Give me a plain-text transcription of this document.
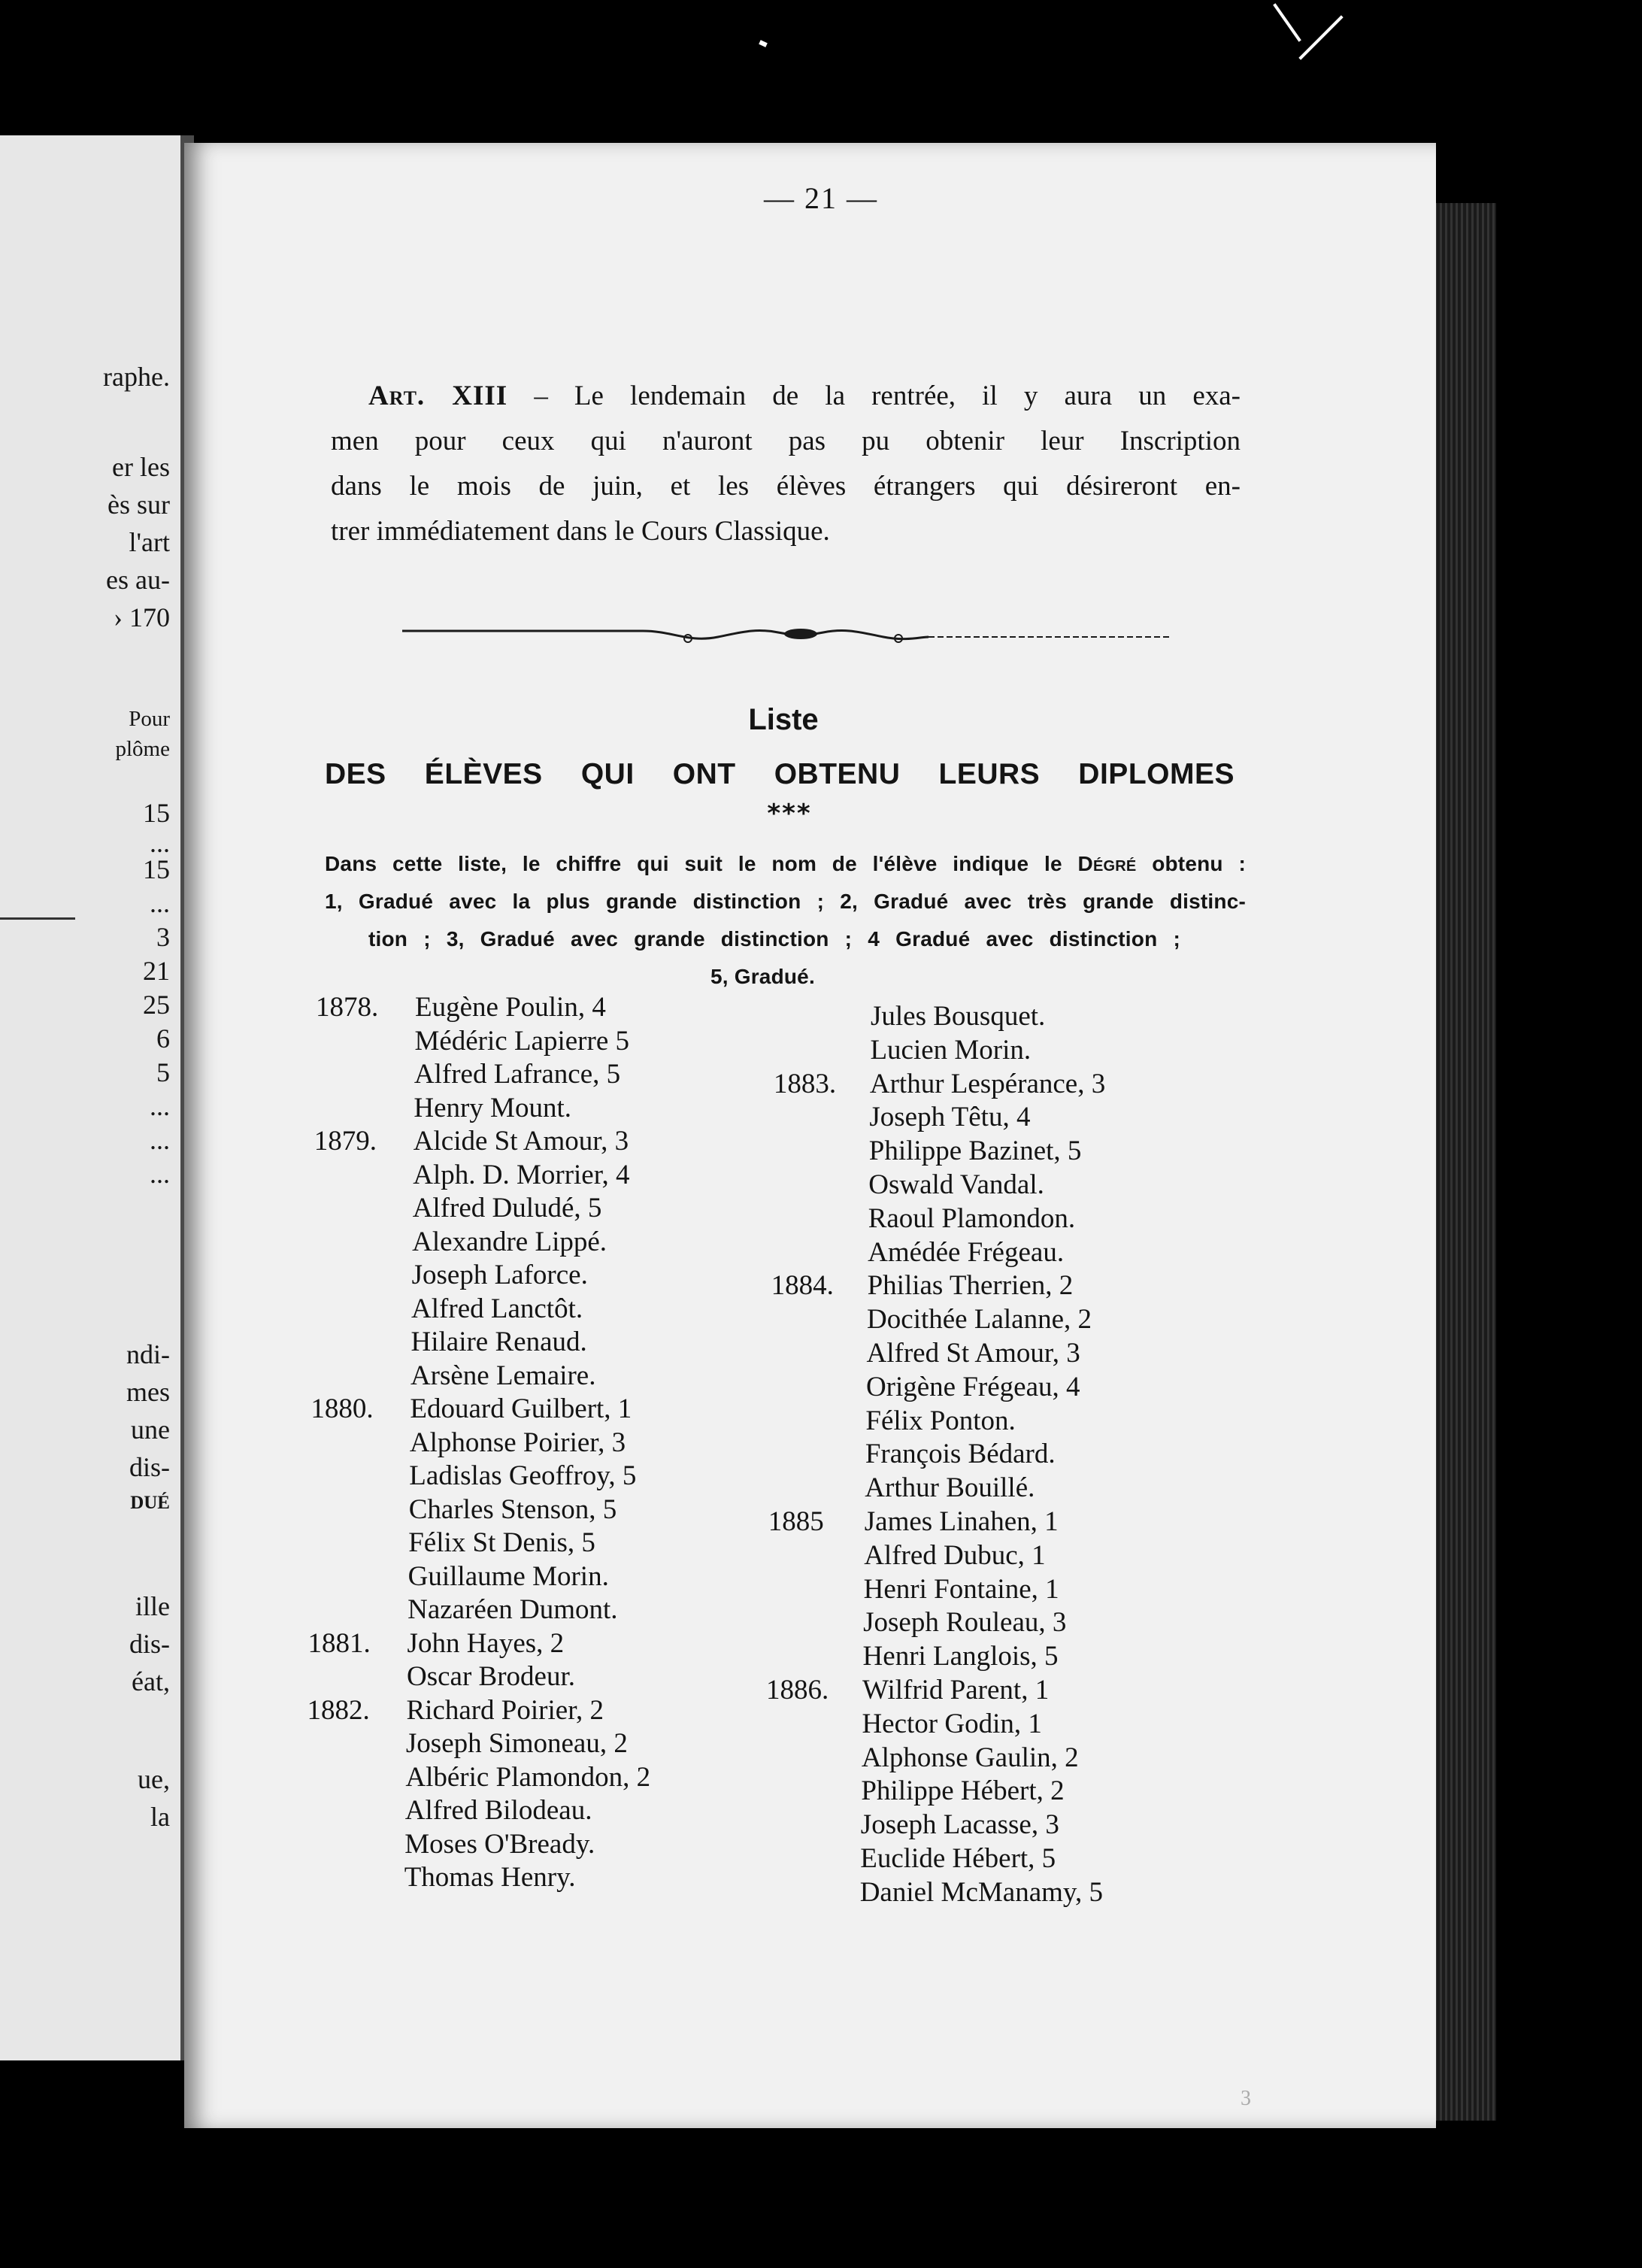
raphe.
er les
ès sur
l'art
es au-
› 170
Pour
plôme
15
...
15
...
3
21
25
6
5
...
...
...
ndi-
mes
une
dis-
DUÉ
ille
dis-
éat,
ue,
la
— 21 —
Art. XIII – Le lendemain de la rentrée, il y aura un exa-
men pour ceux qui n'auront pas pu obtenir leur Inscription
dans le mois de juin, et les élèves étrangers qui désireront en-
trer immédiatement dans le Cours Classique.
Liste
DES ÉLÈVES QUI ONT OBTENU LEURS DIPLOMES
***
Dans cette liste, le chiffre qui suit le nom de l'élève indique le Dégré obtenu :
1, Gradué avec la plus grande distinction ; 2, Gradué avec très grande distinc-
tion ; 3, Gradué avec grande distinction ; 4 Gradué avec distinction ;
5, Gradué.
1878. Eugène Poulin, 4
Médéric Lapierre 5
Alfred Lafrance, 5
Henry Mount.
1879. Alcide St Amour, 3
Alph. D. Morrier, 4
Alfred Duludé, 5
Alexandre Lippé.
Joseph Laforce.
Alfred Lanctôt.
Hilaire Renaud.
Arsène Lemaire.
1880. Edouard Guilbert, 1
Alphonse Poirier, 3
Ladislas Geoffroy, 5
Charles Stenson, 5
Félix St Denis, 5
Guillaume Morin.
Nazaréen Dumont.
1881. John Hayes, 2
Oscar Brodeur.
1882. Richard Poirier, 2
Joseph Simoneau, 2
Albéric Plamondon, 2
Alfred Bilodeau.
Moses O'Bready.
Thomas Henry.
Jules Bousquet.
Lucien Morin.
1883. Arthur Lespérance, 3
Joseph Têtu, 4
Philippe Bazinet, 5
Oswald Vandal.
Raoul Plamondon.
Amédée Frégeau.
1884. Philias Therrien, 2
Docithée Lalanne, 2
Alfred St Amour, 3
Origène Frégeau, 4
Félix Ponton.
François Bédard.
Arthur Bouillé.
1885 James Linahen, 1
Alfred Dubuc, 1
Henri Fontaine, 1
Joseph Rouleau, 3
Henri Langlois, 5
1886. Wilfrid Parent, 1
Hector Godin, 1
Alphonse Gaulin, 2
Philippe Hébert, 2
Joseph Lacasse, 3
Euclide Hébert, 5
Daniel McManamy, 5
3
